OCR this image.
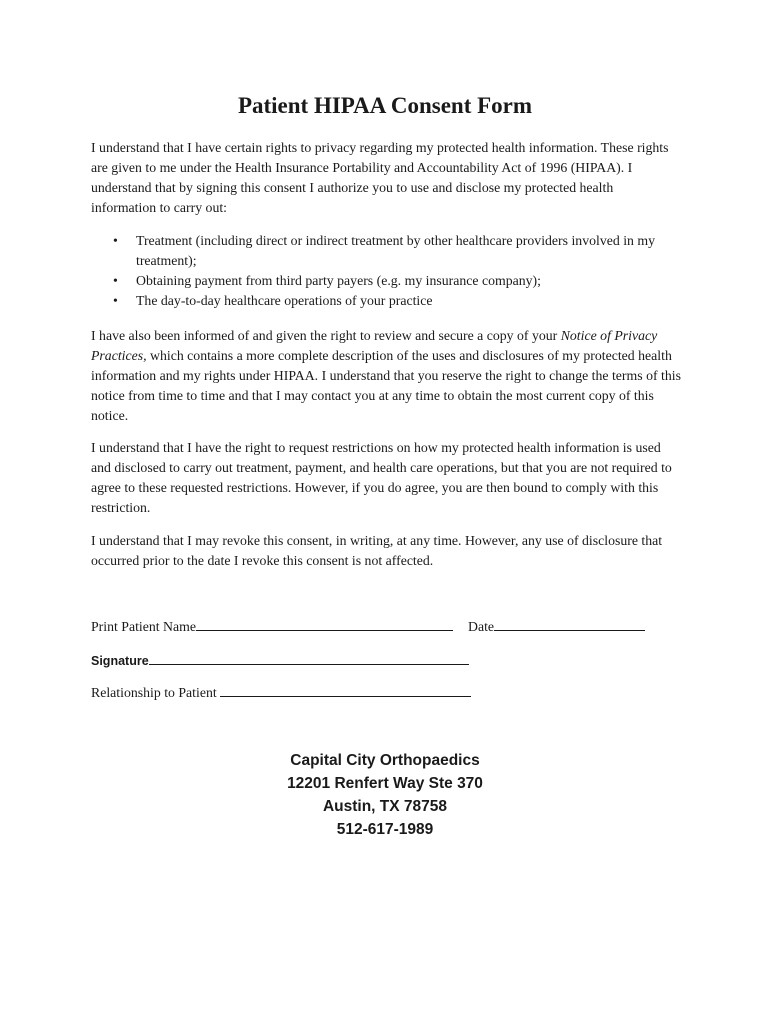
Patient HIPAA Consent Form

I understand that I have certain rights to privacy regarding my protected health information. These rights are given to me under the Health Insurance Portability and Accountability Act of 1996 (HIPAA). I understand that by signing this consent I authorize you to use and disclose my protected health information to carry out:

• Treatment (including direct or indirect treatment by other healthcare providers involved in my treatment);
• Obtaining payment from third party payers (e.g. my insurance company);
• The day-to-day healthcare operations of your practice

I have also been informed of and given the right to review and secure a copy of your Notice of Privacy Practices, which contains a more complete description of the uses and disclosures of my protected health information and my rights under HIPAA. I understand that you reserve the right to change the terms of this notice from time to time and that I may contact you at any time to obtain the most current copy of this notice.

I understand that I have the right to request restrictions on how my protected health information is used and disclosed to carry out treatment, payment, and health care operations, but that you are not required to agree to these requested restrictions. However, if you do agree, you are then bound to comply with this restriction.

I understand that I may revoke this consent, in writing, at any time. However, any use of disclosure that occurred prior to the date I revoke this consent is not affected.

Print Patient Name	Date
Signature
Relationship to Patient
Capital City Orthopaedics
12201 Renfert Way Ste 370
Austin, TX 78758
512-617-1989
